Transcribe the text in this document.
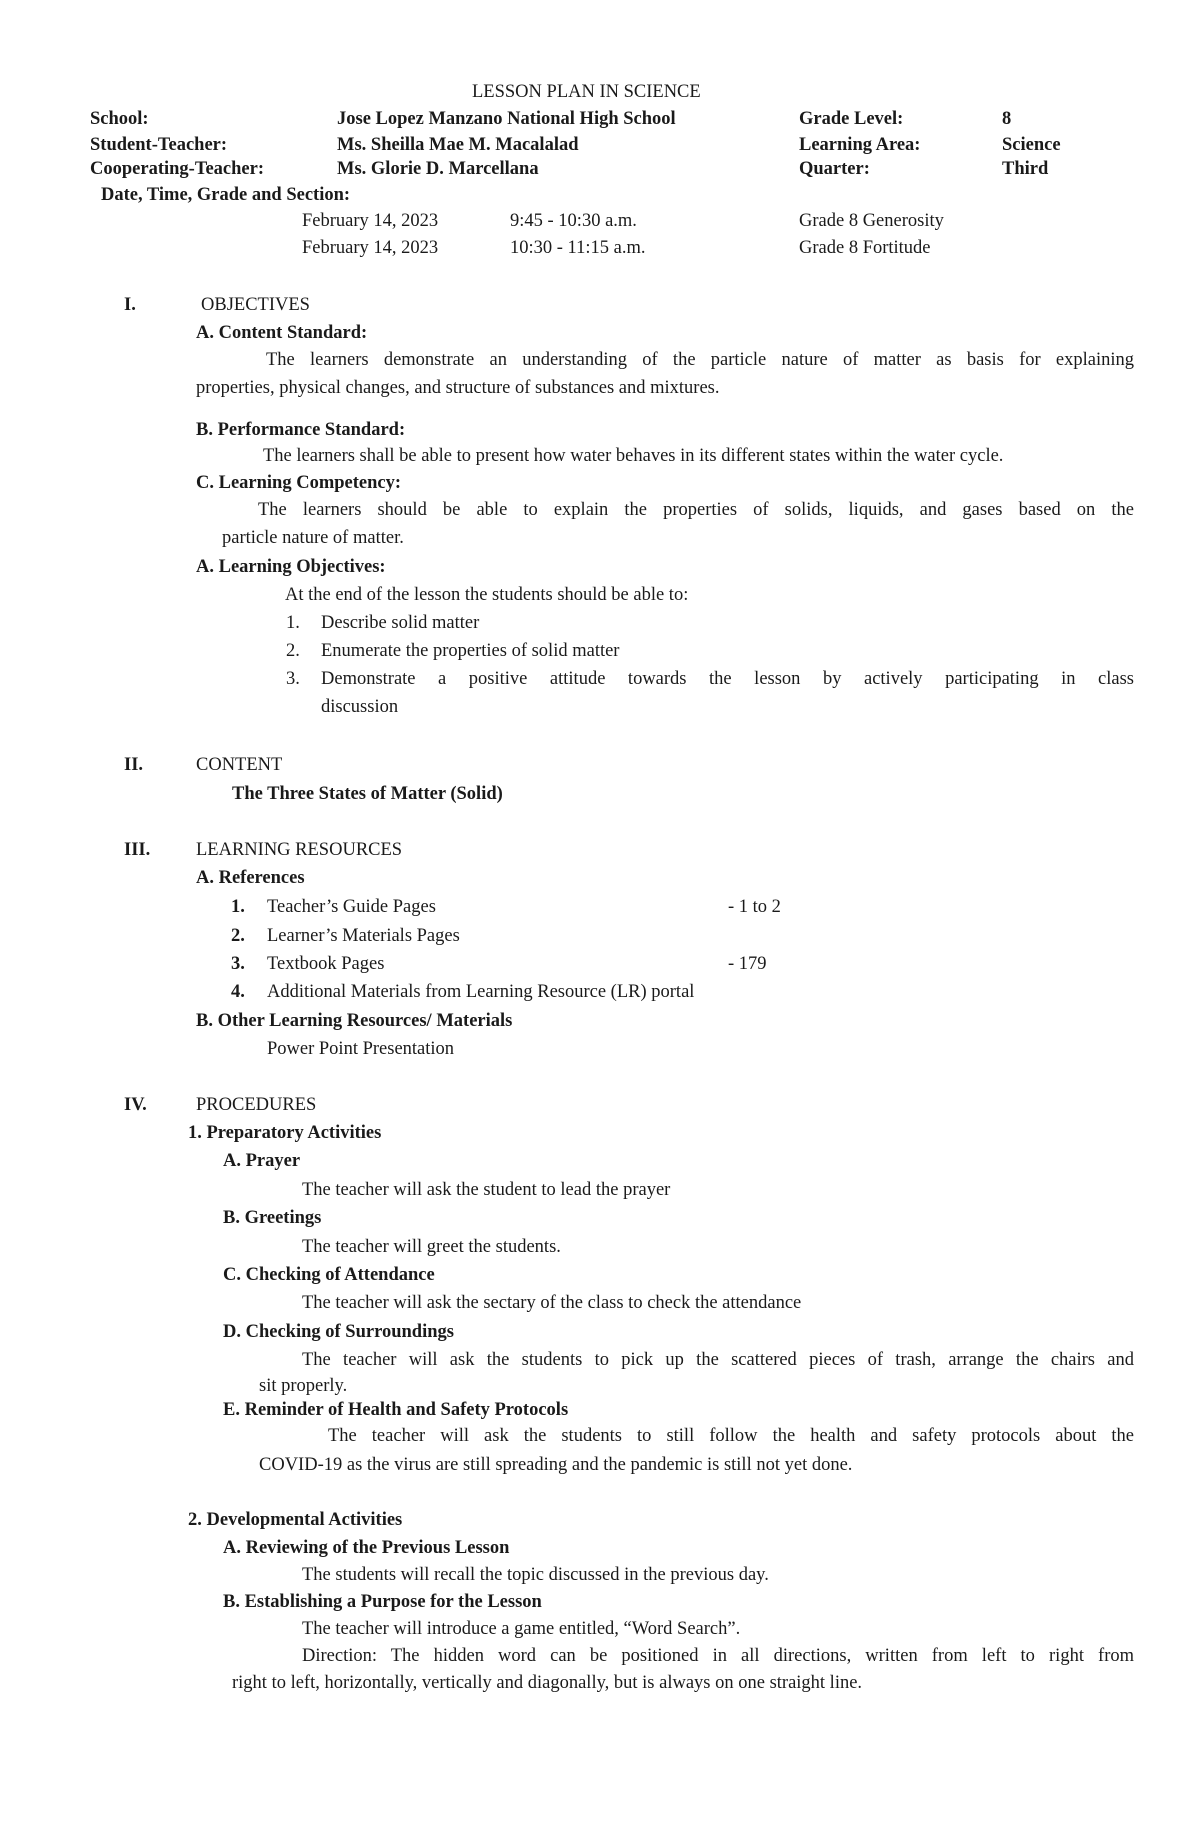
LESSON PLAN IN SCIENCE
School:	Jose Lopez Manzano National High School	Grade Level:	8
Student-Teacher:	Ms. Sheilla Mae M. Macalalad	Learning Area:	Science
Cooperating-Teacher:	Ms. Glorie D. Marcellana	Quarter:	Third
Date, Time, Grade and Section:
February 14, 2023	9:45 - 10:30 a.m.	Grade 8 Generosity
February 14, 2023	10:30 - 11:15 a.m.	Grade 8 Fortitude
I.	OBJECTIVES
A. Content Standard:
The learners demonstrate an understanding of the particle nature of matter as basis for explaining
properties, physical changes, and structure of substances and mixtures.
B. Performance Standard:
The learners shall be able to present how water behaves in its different states within the water cycle.
C. Learning Competency:
The learners should be able to explain the properties of solids, liquids, and gases based on the
particle nature of matter.
A. Learning Objectives:
At the end of the lesson the students should be able to:
1. Describe solid matter
2. Enumerate the properties of solid matter
3. Demonstrate a positive attitude towards the lesson by actively participating in class
discussion
II.	CONTENT
The Three States of Matter (Solid)
III. LEARNING RESOURCES
A. References
1. Teacher’s Guide Pages	- 1 to 2
2. Learner’s Materials Pages
3. Textbook Pages	- 179
4. Additional Materials from Learning Resource (LR) portal
B. Other Learning Resources/ Materials
Power Point Presentation
IV.	PROCEDURES
1. Preparatory Activities
A. Prayer
The teacher will ask the student to lead the prayer
B. Greetings
The teacher will greet the students.
C. Checking of Attendance
The teacher will ask the sectary of the class to check the attendance
D. Checking of Surroundings
The teacher will ask the students to pick up the scattered pieces of trash, arrange the chairs and
sit properly.
E. Reminder of Health and Safety Protocols
The teacher will ask the students to still follow the health and safety protocols about the
COVID-19 as the virus are still spreading and the pandemic is still not yet done.
2. Developmental Activities
A. Reviewing of the Previous Lesson
The students will recall the topic discussed in the previous day.
B. Establishing a Purpose for the Lesson
The teacher will introduce a game entitled, “Word Search”.
Direction: The hidden word can be positioned in all directions, written from left to right from
right to left, horizontally, vertically and diagonally, but is always on one straight line.
